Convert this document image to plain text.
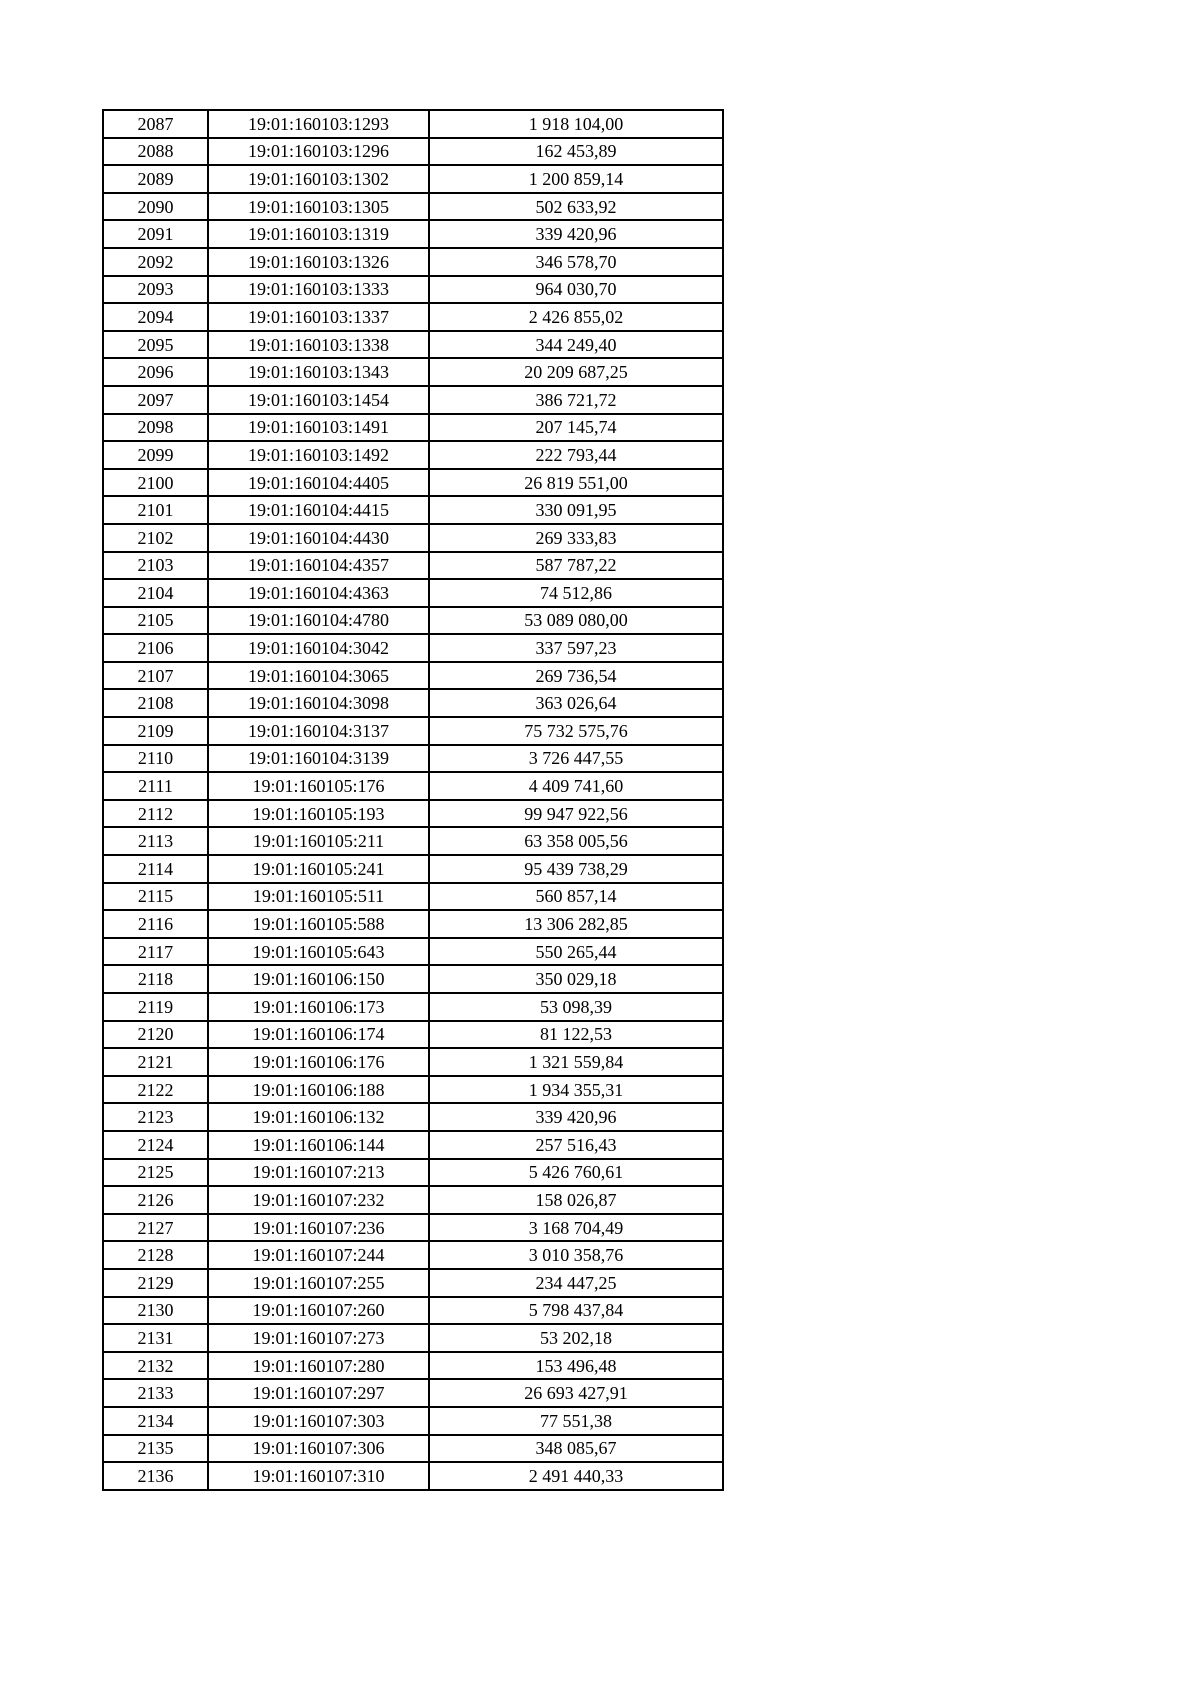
2087	19:01:160103:1293	1 918 104,00
2088	19:01:160103:1296	162 453,89
2089	19:01:160103:1302	1 200 859,14
2090	19:01:160103:1305	502 633,92
2091	19:01:160103:1319	339 420,96
2092	19:01:160103:1326	346 578,70
2093	19:01:160103:1333	964 030,70
2094	19:01:160103:1337	2 426 855,02
2095	19:01:160103:1338	344 249,40
2096	19:01:160103:1343	20 209 687,25
2097	19:01:160103:1454	386 721,72
2098	19:01:160103:1491	207 145,74
2099	19:01:160103:1492	222 793,44
2100	19:01:160104:4405	26 819 551,00
2101	19:01:160104:4415	330 091,95
2102	19:01:160104:4430	269 333,83
2103	19:01:160104:4357	587 787,22
2104	19:01:160104:4363	74 512,86
2105	19:01:160104:4780	53 089 080,00
2106	19:01:160104:3042	337 597,23
2107	19:01:160104:3065	269 736,54
2108	19:01:160104:3098	363 026,64
2109	19:01:160104:3137	75 732 575,76
2110	19:01:160104:3139	3 726 447,55
2111	19:01:160105:176	4 409 741,60
2112	19:01:160105:193	99 947 922,56
2113	19:01:160105:211	63 358 005,56
2114	19:01:160105:241	95 439 738,29
2115	19:01:160105:511	560 857,14
2116	19:01:160105:588	13 306 282,85
2117	19:01:160105:643	550 265,44
2118	19:01:160106:150	350 029,18
2119	19:01:160106:173	53 098,39
2120	19:01:160106:174	81 122,53
2121	19:01:160106:176	1 321 559,84
2122	19:01:160106:188	1 934 355,31
2123	19:01:160106:132	339 420,96
2124	19:01:160106:144	257 516,43
2125	19:01:160107:213	5 426 760,61
2126	19:01:160107:232	158 026,87
2127	19:01:160107:236	3 168 704,49
2128	19:01:160107:244	3 010 358,76
2129	19:01:160107:255	234 447,25
2130	19:01:160107:260	5 798 437,84
2131	19:01:160107:273	53 202,18
2132	19:01:160107:280	153 496,48
2133	19:01:160107:297	26 693 427,91
2134	19:01:160107:303	77 551,38
2135	19:01:160107:306	348 085,67
2136	19:01:160107:310	2 491 440,33
